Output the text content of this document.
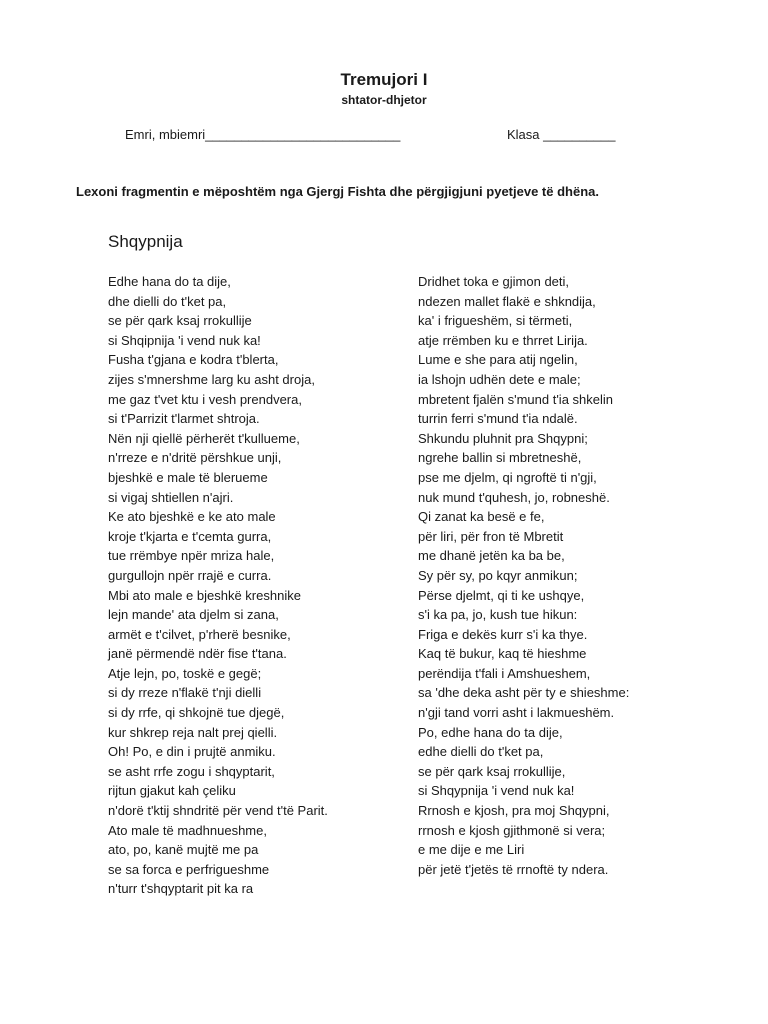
Tremujori I
shtator-dhjetor
Emri, mbiemri___________________________	Klasa __________
Lexoni fragmentin e mëposhtëm nga Gjergj Fishta dhe përgjigjuni pyetjeve të dhëna.
Shqypnija
Edhe hana do ta dije,
dhe dielli do t'ket pa,
se për qark ksaj rrokullije
si Shqipnija 'i vend nuk ka!
Fusha t'gjana e kodra t'blerta,
zijes s'mnershme larg ku asht droja,
me gaz t'vet ktu i vesh prendvera,
si t'Parrizit t'larmet shtroja.
Nën nji qiellë përherët t'kullueme,
n'rreze e n'dritë përshkue unji,
bjeshkë e male të blerueme
si vigaj shtiellen n'ajri.
Ke ato bjeshkë e ke ato male
kroje t'kjarta e t'cemta gurra,
tue rrëmbye npër mriza hale,
gurgullojn npër rrajë e curra.
Mbi ato male e bjeshkë kreshnike
lejn mande' ata djelm si zana,
armët e t'cilvet, p'rherë besnike,
janë përmendë ndër fise t'tana.
Atje lejn, po, toskë e gegë;
si dy rreze n'flakë t'nji dielli
si dy rrfe, qi shkojnë tue djegë,
kur shkrep reja nalt prej qielli.
Oh! Po, e din i prujtë anmiku.
se asht rrfe zogu i shqyptarit,
rijtun gjakut kah çeliku
n'dorë t'ktij shndritë për vend t'të Parit.
Ato male të madhnueshme,
ato, po, kanë mujtë me pa
se sa forca e perfrigueshme
n'turr t'shqyptarit pit ka ra
Dridhet toka e gjimon deti,
ndezen mallet flakë e shkndija,
ka' i frigueshëm, si tërmeti,
atje rrëmben ku e thrret Lirija.
Lume e she para atij ngelin,
ia lshojn udhën dete e male;
mbretent fjalën s'mund t'ia shkelin
turrin ferri s'mund t'ia ndalë.
Shkundu pluhnit pra Shqypni;
ngrehe ballin si mbretneshë,
pse me djelm, qi ngroftë ti n'gji,
nuk mund t'quhesh, jo, robneshë.
Qi zanat ka besë e fe,
për liri, për fron të Mbretit
me dhanë jetën ka ba be,
Sy për sy, po kqyr anmikun;
Përse djelmt, qi ti ke ushqye,
s'i ka pa, jo, kush tue hikun:
Friga e dekës kurr s'i ka thye.
Kaq të bukur, kaq të hieshme
perëndija t'fali i Amshueshem,
sa 'dhe deka asht për ty e shieshme:
n'gji tand vorri asht i lakmueshëm.
Po, edhe hana do ta dije,
edhe dielli do t'ket pa,
se për qark ksaj rrokullije,
si Shqypnija 'i vend nuk ka!
Rrnosh e kjosh, pra moj Shqypni,
rrnosh e kjosh gjithmonë si vera;
e me dije e me Liri
për jetë t'jetës të rrnoftë ty ndera.
